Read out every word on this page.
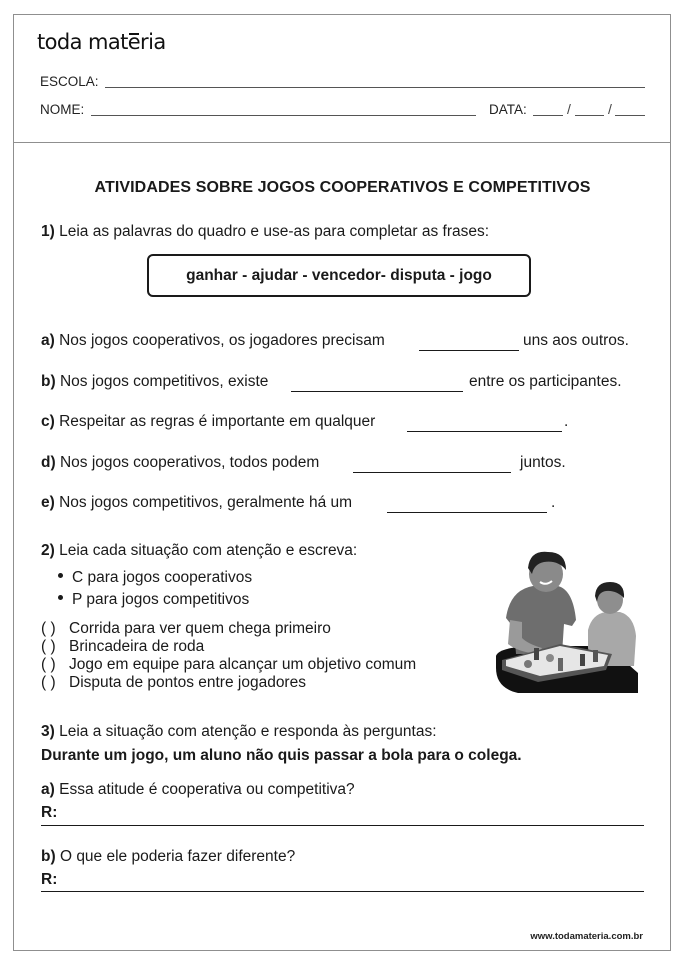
toda materia
ESCOLA:
NOME:	DATA:	/	/
ATIVIDADES SOBRE JOGOS COOPERATIVOS E COMPETITIVOS
1) Leia as palavras do quadro e use-as para completar as frases:
ganhar - ajudar - vencedor- disputa - jogo
a) Nos jogos cooperativos, os jogadores precisam	uns aos outros.
b) Nos jogos competitivos, existe	entre os participantes.
c) Respeitar as regras é importante em qualquer	.
d) Nos jogos cooperativos, todos podem	juntos.
e) Nos jogos competitivos, geralmente há um	.
2) Leia cada situação com atenção e escreva:
C para jogos cooperativos
P para jogos competitivos
( ) Corrida para ver quem chega primeiro
( ) Brincadeira de roda
( ) Jogo em equipe para alcançar um objetivo comum
( ) Disputa de pontos entre jogadores
3) Leia a situação com atenção e responda às perguntas:
Durante um jogo, um aluno não quis passar a bola para o colega.
a) Essa atitude é cooperativa ou competitiva?
R:
b) O que ele poderia fazer diferente?
R:
www.todamateria.com.br
